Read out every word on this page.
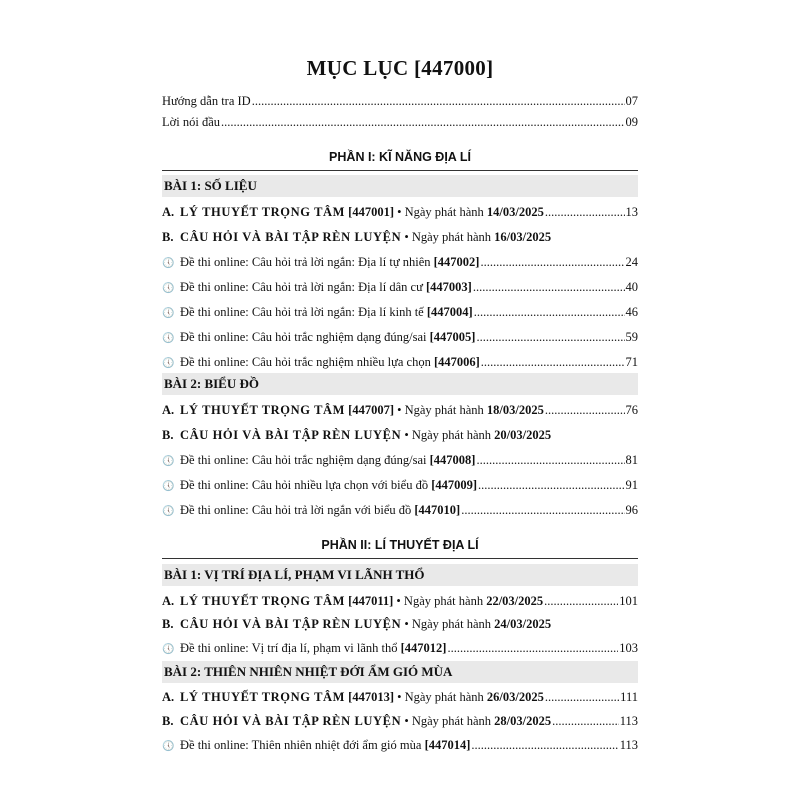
MỤC LỤC [447000]
Hướng dẫn tra ID .....	07
Lời nói đầu .....	09
PHẦN I: KĨ NĂNG ĐỊA LÍ
BÀI 1: SỐ LIỆU
A. LÝ THUYẾT TRỌNG TÂM [447001] • Ngày phát hành 14/03/2025 .....	13
B. CÂU HỎI VÀ BÀI TẬP RÈN LUYỆN • Ngày phát hành 16/03/2025
🕔 Đề thi online: Câu hỏi trả lời ngắn: Địa lí tự nhiên [447002] .....	24
🕔 Đề thi online: Câu hỏi trả lời ngắn: Địa lí dân cư [447003] .....	40
🕔 Đề thi online: Câu hỏi trả lời ngắn: Địa lí kinh tế [447004] .....	46
🕔 Đề thi online: Câu hỏi trắc nghiệm dạng đúng/sai [447005] .....	59
🕔 Đề thi online: Câu hỏi trắc nghiệm nhiều lựa chọn [447006] .....	71
BÀI 2: BIỂU ĐỒ
A. LÝ THUYẾT TRỌNG TÂM [447007] • Ngày phát hành 18/03/2025 .....	76
B. CÂU HỎI VÀ BÀI TẬP RÈN LUYỆN • Ngày phát hành 20/03/2025
🕔 Đề thi online: Câu hỏi trắc nghiệm dạng đúng/sai [447008] .....	81
🕔 Đề thi online: Câu hỏi nhiều lựa chọn với biểu đồ [447009] .....	91
🕔 Đề thi online: Câu hỏi trả lời ngắn với biểu đồ [447010] .....	96
PHẦN II: LÍ THUYẾT ĐỊA LÍ
BÀI 1: VỊ TRÍ ĐỊA LÍ, PHẠM VI LÃNH THỔ
A. LÝ THUYẾT TRỌNG TÂM [447011] • Ngày phát hành 22/03/2025 .....	101
B. CÂU HỎI VÀ BÀI TẬP RÈN LUYỆN • Ngày phát hành 24/03/2025
🕔 Đề thi online: Vị trí địa lí, phạm vi lãnh thổ [447012] .....	103
BÀI 2: THIÊN NHIÊN NHIỆT ĐỚI ẨM GIÓ MÙA
A. LÝ THUYẾT TRỌNG TÂM [447013] • Ngày phát hành 26/03/2025 .....	111
B. CÂU HỎI VÀ BÀI TẬP RÈN LUYỆN • Ngày phát hành 28/03/2025 .....	113
🕔 Đề thi online: Thiên nhiên nhiệt đới ẩm gió mùa [447014] .....	113
